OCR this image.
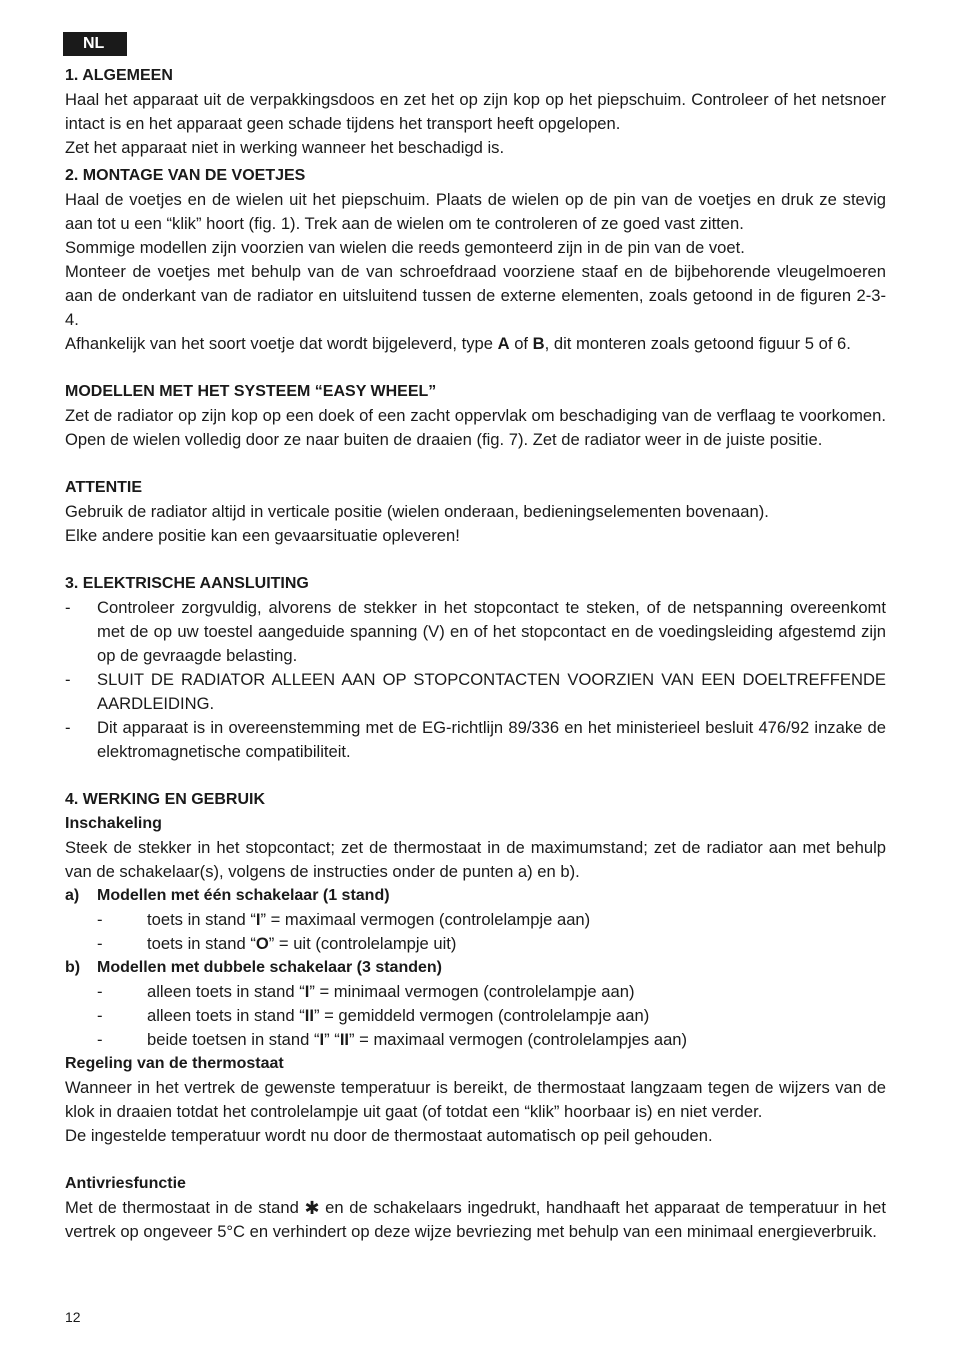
NL

1. ALGEMEEN

Haal het apparaat uit de verpakkingsdoos en zet het op zijn kop op het piepschuim. Controleer of het netsnoer intact is en het apparaat geen schade tijdens het transport heeft opgelopen.

Zet het apparaat niet in werking wanneer het beschadigd is.

2. MONTAGE VAN DE VOETJES

Haal de voetjes en de wielen uit het piepschuim. Plaats de wielen op de pin van de voetjes en druk ze stevig aan tot u een “klik” hoort (fig. 1). Trek aan de wielen om te controleren of ze goed vast zitten.

Sommige modellen zijn voorzien van wielen die reeds gemonteerd zijn in de pin van de voet.

Monteer de voetjes met behulp van de van schroefdraad voorziene staaf en de bijbehorende vleugelmoeren aan de onderkant van de radiator en uitsluitend tussen de externe elementen, zoals getoond in de figuren 2-3-4.

Afhankelijk van het soort voetje dat wordt bijgeleverd, type A of B, dit monteren zoals getoond figuur 5 of 6.

MODELLEN MET HET SYSTEEM “EASY WHEEL”

Zet de radiator op zijn kop op een doek of een zacht oppervlak om beschadiging van de verflaag te voorkomen. Open de wielen volledig door ze naar buiten de draaien (fig. 7). Zet de radiator weer in de juiste positie.

ATTENTIE

Gebruik de radiator altijd in verticale positie (wielen onderaan, bedieningselementen bovenaan).

Elke andere positie kan een gevaarsituatie opleveren!

3. ELEKTRISCHE AANSLUITING

-	Controleer zorgvuldig, alvorens de stekker in het stopcontact te steken, of de netspanning overeenkomt met de op uw toestel aangeduide spanning (V) en of het stopcontact en de voedingsleiding afgestemd zijn op de gevraagde belasting.
-	SLUIT DE RADIATOR ALLEEN AAN OP STOPCONTACTEN VOORZIEN VAN EEN DOELTREFFENDE AARDLEIDING.
-	Dit apparaat is in overeenstemming met de EG-richtlijn 89/336 en het ministerieel besluit 476/92 inzake de elektromagnetische compatibiliteit.

4. WERKING EN GEBRUIK

Inschakeling

Steek de stekker in het stopcontact; zet de thermostaat in de maximumstand; zet de radiator aan met behulp van de schakelaar(s), volgens de instructies onder de punten a) en b).

a)	Modellen met één schakelaar (1 stand)
-	toets in stand “I” = maximaal vermogen (controlelampje aan)
-	toets in stand “O” = uit (controlelampje uit)
b)	Modellen met dubbele schakelaar (3 standen)
-	alleen toets in stand “I” = minimaal vermogen (controlelampje aan)
-	alleen toets in stand “II” = gemiddeld vermogen (controlelampje aan)
-	beide toetsen in stand “I” “II” = maximaal vermogen (controlelampjes aan)

Regeling van de thermostaat

Wanneer in het vertrek de gewenste temperatuur is bereikt, de thermostaat langzaam tegen de wijzers van de klok in draaien totdat het controlelampje uit gaat (of totdat een “klik” hoorbaar is) en niet verder.

De ingestelde temperatuur wordt nu door de thermostaat automatisch op peil gehouden.

Antivriesfunctie

Met de thermostaat in de stand ✱ en de schakelaars ingedrukt, handhaaft het apparaat de temperatuur in het vertrek op ongeveer 5°C en verhindert op deze wijze bevriezing met behulp van een minimaal energieverbruik.

12
